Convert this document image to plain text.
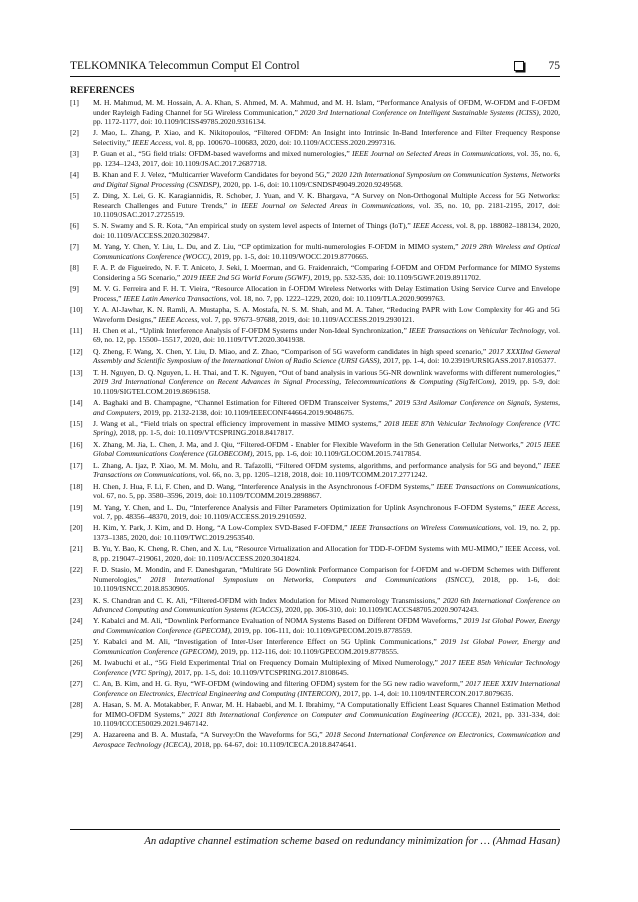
TELKOMNIKA Telecommun Comput El Control	75
REFERENCES
[1] M. H. Mahmud, M. M. Hossain, A. A. Khan, S. Ahmed, M. A. Mahmud, and M. H. Islam, “Performance Analysis of OFDM, W-OFDM and F-OFDM under Rayleigh Fading Channel for 5G Wireless Communication,” 2020 3rd International Conference on Intelligent Sustainable Systems (ICISS), 2020, pp. 1172-1177, doi: 10.1109/ICISS49785.2020.9316134.
[2] J. Mao, L. Zhang, P. Xiao, and K. Nikitopoulos, “Filtered OFDM: An Insight into Intrinsic In-Band Interference and Filter Frequency Response Selectivity,” IEEE Access, vol. 8, pp. 100670–100683, 2020, doi: 10.1109/ACCESS.2020.2997316.
[3] P. Guan et al., “5G field trials: OFDM-based waveforms and mixed numerologies,” IEEE Journal on Selected Areas in Communications, vol. 35, no. 6, pp. 1234–1243, 2017, doi: 10.1109/JSAC.2017.2687718.
[4] B. Khan and F. J. Velez, “Multicarrier Waveform Candidates for beyond 5G,” 2020 12th International Symposium on Communication Systems, Networks and Digital Signal Processing (CSNDSP), 2020, pp. 1-6, doi: 10.1109/CSNDSP49049.2020.9249568.
[5] Z. Ding, X. Lei, G. K. Karagiannidis, R. Schober, J. Yuan, and V. K. Bhargava, “A Survey on Non-Orthogonal Multiple Access for 5G Networks: Research Challenges and Future Trends,” in IEEE Journal on Selected Areas in Communications, vol. 35, no. 10, pp. 2181-2195, 2017, doi: 10.1109/JSAC.2017.2725519.
[6] S. N. Swamy and S. R. Kota, “An empirical study on system level aspects of Internet of Things (IoT),” IEEE Access, vol. 8, pp. 188082–188134, 2020, doi: 10.1109/ACCESS.2020.3029847.
[7] M. Yang, Y. Chen, Y. Liu, L. Du, and Z. Liu, “CP optimization for multi-numerologies F-OFDM in MIMO system,” 2019 28th Wireless and Optical Communications Conference (WOCC), 2019, pp. 1-5, doi: 10.1109/WOCC.2019.8770665.
[8] F. A. P. de Figueiredo, N. F. T. Aniceto, J. Seki, I. Moerman, and G. Fraidenraich, “Comparing f-OFDM and OFDM Performance for MIMO Systems Considering a 5G Scenario,” 2019 IEEE 2nd 5G World Forum (5GWF), 2019, pp. 532-535, doi: 10.1109/5GWF.2019.8911702.
[9] M. V. G. Ferreira and F. H. T. Vieira, “Resource Allocation in f-OFDM Wireless Networks with Delay Estimation Using Service Curve and Envelope Process,” IEEE Latin America Transactions, vol. 18, no. 7, pp. 1222–1229, 2020, doi: 10.1109/TLA.2020.9099763.
[10] Y. A. Al-Jawhar, K. N. Ramli, A. Mustapha, S. A. Mostafa, N. S. M. Shah, and M. A. Taher, “Reducing PAPR with Low Complexity for 4G and 5G Waveform Designs,” IEEE Access, vol. 7, pp. 97673–97688, 2019, doi: 10.1109/ACCESS.2019.2930121.
[11] H. Chen et al., “Uplink Interference Analysis of F-OFDM Systems under Non-Ideal Synchronization,” IEEE Transactions on Vehicular Technology, vol. 69, no. 12, pp. 15500–15517, 2020, doi: 10.1109/TVT.2020.3041938.
[12] Q. Zheng, F. Wang, X. Chen, Y. Liu, D. Miao, and Z. Zhao, “Comparison of 5G waveform candidates in high speed scenario,” 2017 XXXIInd General Assembly and Scientific Symposium of the International Union of Radio Science (URSI GASS), 2017, pp. 1-4, doi: 10.23919/URSIGASS.2017.8105377.
[13] T. H. Nguyen, D. Q. Nguyen, L. H. Thai, and T. K. Nguyen, “Out of band analysis in various 5G-NR downlink waveforms with different numerologies,” 2019 3rd International Conference on Recent Advances in Signal Processing, Telecommunications & Computing (SigTelCom), 2019, pp. 5-9, doi: 10.1109/SIGTELCOM.2019.8696158.
[14] A. Baghaki and B. Champagne, “Channel Estimation for Filtered OFDM Transceiver Systems,” 2019 53rd Asilomar Conference on Signals, Systems, and Computers, 2019, pp. 2132-2138, doi: 10.1109/IEEECONF44664.2019.9048675.
[15] J. Wang et al., “Field trials on spectral efficiency improvement in massive MIMO systems,” 2018 IEEE 87th Vehicular Technology Conference (VTC Spring), 2018, pp. 1-5, doi: 10.1109/VTCSPRING.2018.8417817.
[16] X. Zhang, M. Jia, L. Chen, J. Ma, and J. Qiu, “Filtered-OFDM - Enabler for Flexible Waveform in the 5th Generation Cellular Networks,” 2015 IEEE Global Communications Conference (GLOBECOM), 2015, pp. 1-6, doi: 10.1109/GLOCOM.2015.7417854.
[17] L. Zhang, A. Ijaz, P. Xiao, M. M. Molu, and R. Tafazolli, “Filtered OFDM systems, algorithms, and performance analysis for 5G and beyond,” IEEE Transactions on Communications, vol. 66, no. 3, pp. 1205–1218, 2018, doi: 10.1109/TCOMM.2017.2771242.
[18] H. Chen, J. Hua, F. Li, F. Chen, and D. Wang, “Interference Analysis in the Asynchronous f-OFDM Systems,” IEEE Transactions on Communications, vol. 67, no. 5, pp. 3580–3596, 2019, doi: 10.1109/TCOMM.2019.2898867.
[19] M. Yang, Y. Chen, and L. Du, “Interference Analysis and Filter Parameters Optimization for Uplink Asynchronous F-OFDM Systems,” IEEE Access, vol. 7, pp. 48356–48370, 2019, doi: 10.1109/ACCESS.2019.2910592.
[20] H. Kim, Y. Park, J. Kim, and D. Hong, “A Low-Complex SVD-Based F-OFDM,” IEEE Transactions on Wireless Communications, vol. 19, no. 2, pp. 1373–1385, 2020, doi: 10.1109/TWC.2019.2953540.
[21] B. Yu, Y. Bao, K. Cheng, R. Chen, and X. Lu, “Resource Virtualization and Allocation for TDD-F-OFDM Systems with MU-MIMO,” IEEE Access, vol. 8, pp. 219047–219061, 2020, doi: 10.1109/ACCESS.2020.3041824.
[22] F. D. Stasio, M. Mondin, and F. Daneshgaran, “Multirate 5G Downlink Performance Comparison for f-OFDM and w-OFDM Schemes with Different Numerologies,” 2018 International Symposium on Networks, Computers and Communications (ISNCC), 2018, pp. 1-6, doi: 10.1109/ISNCC.2018.8530905.
[23] K. S. Chandran and C. K. Ali, “Filtered-OFDM with Index Modulation for Mixed Numerology Transmissions,” 2020 6th International Conference on Advanced Computing and Communication Systems (ICACCS), 2020, pp. 306-310, doi: 10.1109/ICACCS48705.2020.9074243.
[24] Y. Kabalci and M. Ali, “Downlink Performance Evaluation of NOMA Systems Based on Different OFDM Waveforms,” 2019 1st Global Power, Energy and Communication Conference (GPECOM), 2019, pp. 106-111, doi: 10.1109/GPECOM.2019.8778559.
[25] Y. Kabalci and M. Ali, “Investigation of Inter-User Interference Effect on 5G Uplink Communications,” 2019 1st Global Power, Energy and Communication Conference (GPECOM), 2019, pp. 112-116, doi: 10.1109/GPECOM.2019.8778555.
[26] M. Iwabuchi et al., “5G Field Experimental Trial on Frequency Domain Multiplexing of Mixed Numerology,” 2017 IEEE 85th Vehicular Technology Conference (VTC Spring), 2017, pp. 1-5, doi: 10.1109/VTCSPRING.2017.8108645.
[27] C. An, B. Kim, and H. G. Ryu, “WF-OFDM (windowing and filtering OFDM) system for the 5G new radio waveform,” 2017 IEEE XXIV International Conference on Electronics, Electrical Engineering and Computing (INTERCON), 2017, pp. 1-4, doi: 10.1109/INTERCON.2017.8079635.
[28] A. Hasan, S. M. A. Motakabber, F. Anwar, M. H. Habaebi, and M. I. Ibrahimy, “A Computationally Efficient Least Squares Channel Estimation Method for MIMO-OFDM Systems,” 2021 8th International Conference on Computer and Communication Engineering (ICCCE), 2021, pp. 331-334, doi: 10.1109/ICCCE50029.2021.9467142.
[29] A. Hazareena and B. A. Mustafa, “A Survey:On the Waveforms for 5G,” 2018 Second International Conference on Electronics, Communication and Aerospace Technology (ICECA), 2018, pp. 64-67, doi: 10.1109/ICECA.2018.8474641.
An adaptive channel estimation scheme based on redundancy minimization for … (Ahmad Hasan)
